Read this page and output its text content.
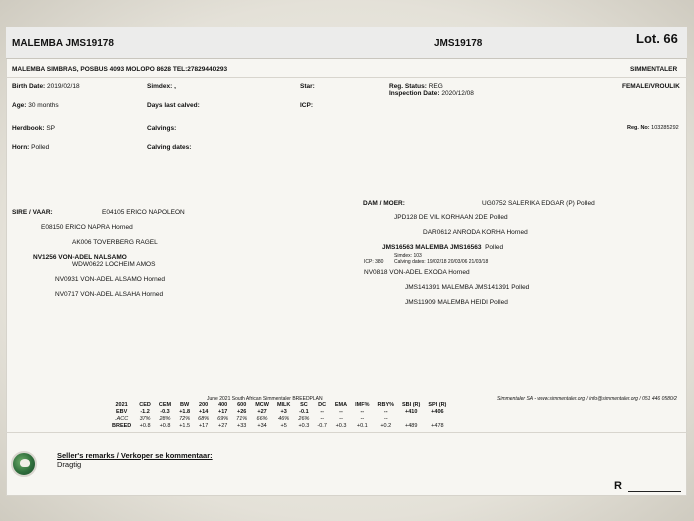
MALEMBA JMS19178	JMS19178	Lot. 66
MALEMBA SIMBRAS, POSBUS 4093 MOLOPO 8628 TEL:27829440293	SIMMENTALER
Birth Date: 2019/02/18	Simdex: ,	Star:	Reg. Status: REG
Inspection Date: 2020/12/08
FEMALE/VROULIK
Age: 30 months	Days last calved:	ICP:
Herdbook: SP	Calvings:	Reg. No: 103285292
Horn: Polled	Calving dates:
SIRE / VAAR:	E04105 ERICO NAPOLEON
E08150 ERICO NAPRA Horned
AK006 TOVERBERG RAGEL
NV1256 VON-ADEL NALSAMO
WDW0622 LOCHEIM AMOS
NV0931 VON-ADEL ALSAMO Horned
NV0717 VON-ADEL ALSAHA Horned
DAM / MOER:	UG0752 SALERIKA EDGAR (P) Polled
JPD128 DE VIL KORHAAN 2DE Polled
DAR0612 ANRODA KORHA Horned
JMS16563 MALEMBA JMS16563 Polled
Simdex: 103
ICP: 380 Calving dates: 19/02/18 20/03/06 21/03/18
NV0818 VON-ADEL EXODA Horned
JMS141391 MALEMBA JMS141391 Polled
JMS11909 MALEMBA HEIDI Polled
June 2021 South African Simmentaler BREEDPLAN	Simmentaler SA - www.simmentaler.org / info@simmentaler.org / 051 446 0580/2
2021	CED	CEM	BW	200	400	600	MCW	MILK	SC	DC	EMA	IMF%	RBY%	SBI (R)	SPI (R)
EBV	-1.2	-0.3	+1.8	+14	+17	+26	+27	+3	-0.1	--	--	--	--	+410	+406
.ACC	37%	28%	72%	68%	69%	71%	66%	46%	26%	--	--	--	--		
BREED	+0.8	+0.8	+1.5	+17	+27	+33	+34	+5	+0.3	-0.7	+0.3	+0.1	+0.2	+489	+478
Seller's remarks / Verkoper se kommentaar:
Dragtig
R
